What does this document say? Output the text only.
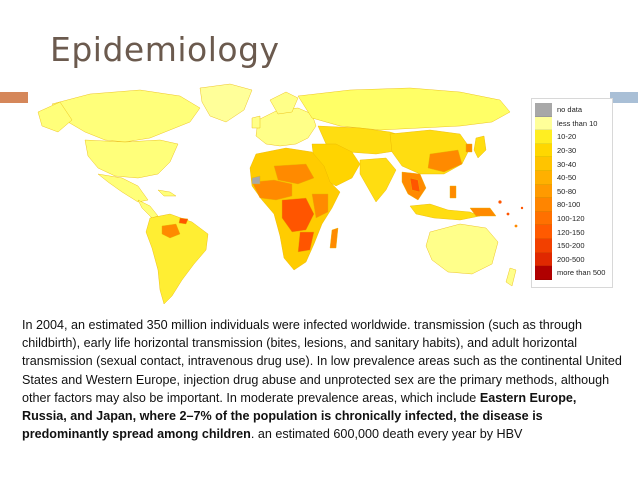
Epidemiology
no data
less than 10
10-20
20-30
30-40
40-50
50-80
80-100
100-120
120-150
150-200
200-500
more than 500

In 2004, an estimated 350 million individuals were infected worldwide. transmission (such as through childbirth), early life horizontal transmission (bites, lesions, and sanitary habits), and adult horizontal transmission (sexual contact, intravenous drug use). In low prevalence areas such as the continental United States and Western Europe, injection drug abuse and unprotected sex are the primary methods, although other factors may also be important. In moderate prevalence areas, which include Eastern Europe, Russia, and Japan, where 2–7% of the population is chronically infected, the disease is predominantly spread among children. an estimated 600,000 death every year by HBV
